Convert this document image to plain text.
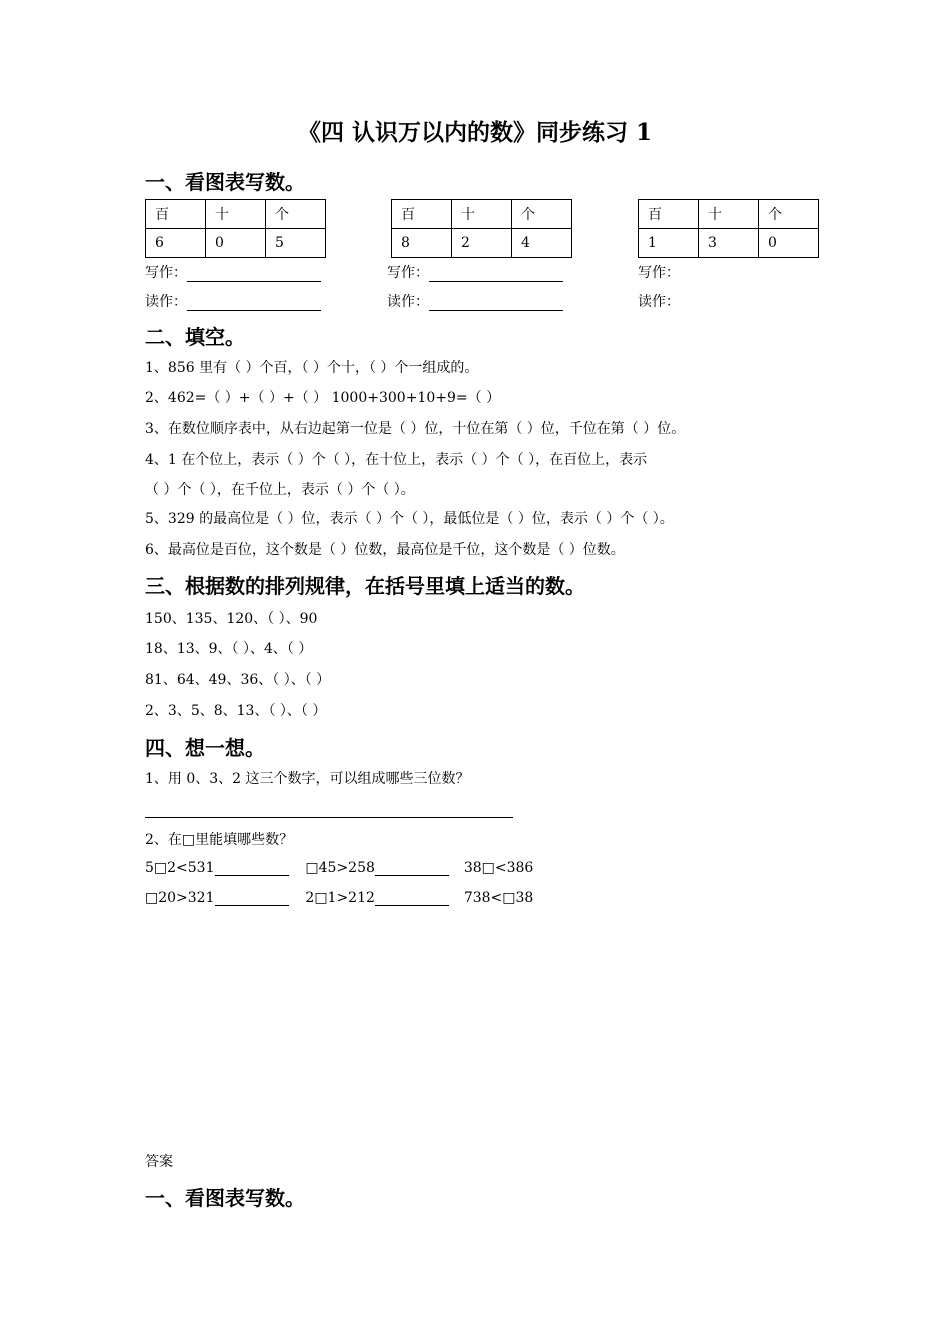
《四 认识万以内的数》同步练习 1
一、看图表写数。
百	十	个
6	0	5
百	十	个
8	2	4
百	十	个
1	3	0
写作：	写作：	写作：
读作：	读作：	读作：
二、填空。
1、856 里有（ ）个百，（ ）个十，（ ）个一组成的。
2、462=（ ）+（ ）+（ ） 1000+300+10+9=（ ）
3、在数位顺序表中，从右边起第一位是（ ）位，十位在第（ ）位，千位在第（ ）位。
4、1 在个位上，表示（ ）个（ ），在十位上，表示（ ）个（ ），在百位上，表示
（ ）个（ ），在千位上，表示（ ）个（ ）。
5、329 的最高位是（ ）位，表示（ ）个（ ），最低位是（ ）位，表示（ ）个（ ）。
6、最高位是百位，这个数是（ ）位数，最高位是千位，这个数是（ ）位数。
三、根据数的排列规律，在括号里填上适当的数。
150、135、120、（ ）、90
18、13、9、（ ）、4、（ ）
81、64、49、36、（ ）、（ ）
2、3、5、8、13、（ ）、（ ）
四、想一想。
1、用 0、3、2 这三个数字，可以组成哪些三位数？
2、在□里能填哪些数？
5□2<531	□45>258	38□<386
□20>321	2□1>212	738<□38
答案
一、看图表写数。
